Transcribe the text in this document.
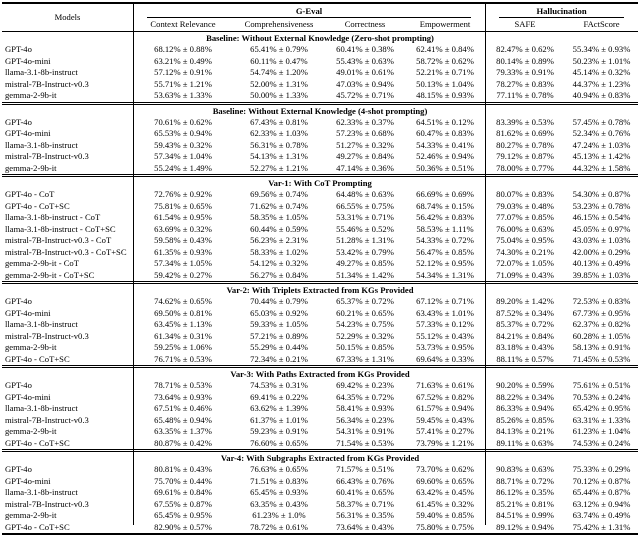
Models	G-Eval				Hallucination	
	Context Relevance	Comprehensiveness	Correctness	Empowerment	SAFE	FActScore
Baseline: Without External Knowledge (Zero-shot prompting)						
GPT-4o	68.12% ± 0.88%	65.41% ± 0.79%	60.41% ± 0.38%	62.41% ± 0.84%	82.47% ± 0.62%	55.34% ± 0.93%
GPT-4o-mini	63.21% ± 0.49%	60.11% ± 0.47%	55.43% ± 0.63%	58.72% ± 0.62%	80.14% ± 0.89%	50.23% ± 1.01%
llama-3.1-8b-instruct	57.12% ± 0.91%	54.74% ± 1.20%	49.01% ± 0.61%	52.21% ± 0.71%	79.33% ± 0.91%	45.14% ± 0.32%
mistral-7B-Instruct-v0.3	55.71% ± 1.21%	52.00% ± 1.31%	47.03% ± 0.94%	50.13% ± 1.04%	78.27% ± 0.83%	44.37% ± 1.23%
gemma-2-9b-it	53.63% ± 1.33%	50.00% ± 1.33%	45.72% ± 0.71%	48.15% ± 0.93%	77.11% ± 0.78%	40.94% ± 0.83%
Baseline: Without External Knowledge (4-shot prompting)						
GPT-4o	70.61% ± 0.62%	67.43% ± 0.81%	62.33% ± 0.37%	64.51% ± 0.12%	83.39% ± 0.53%	57.45% ± 0.78%
GPT-4o-mini	65.53% ± 0.94%	62.33% ± 1.03%	57.23% ± 0.68%	60.47% ± 0.83%	81.62% ± 0.69%	52.34% ± 0.76%
llama-3.1-8b-instruct	59.43% ± 0.32%	56.31% ± 0.78%	51.27% ± 0.32%	54.33% ± 0.41%	80.27% ± 0.78%	47.24% ± 1.03%
mistral-7B-Instruct-v0.3	57.34% ± 1.04%	54.13% ± 1.31%	49.27% ± 0.84%	52.46% ± 0.94%	79.12% ± 0.87%	45.13% ± 1.42%
gemma-2-9b-it	55.24% ± 1.49%	52.27% ± 1.21%	47.14% ± 0.36%	50.36% ± 0.51%	78.00% ± 0.77%	44.32% ± 1.58%
Var-1: With CoT Prompting						
GPT-4o - CoT	72.76% ± 0.92%	69.56% ± 0.74%	64.48% ± 0.63%	66.69% ± 0.69%	80.07% ± 0.83%	54.30% ± 0.87%
GPT-4o - CoT+SC	75.81% ± 0.65%	71.62% ± 0.74%	66.55% ± 0.75%	68.74% ± 0.15%	79.03% ± 0.48%	53.23% ± 0.78%
llama-3.1-8b-instruct - CoT	61.54% ± 0.95%	58.35% ± 1.05%	53.31% ± 0.71%	56.42% ± 0.83%	77.07% ± 0.85%	46.15% ± 0.54%
llama-3.1-8b-instruct - CoT+SC	63.69% ± 0.32%	60.44% ± 0.59%	55.46% ± 0.52%	58.53% ± 1.11%	76.00% ± 0.63%	45.05% ± 0.97%
mistral-7B-Instruct-v0.3 - CoT	59.58% ± 0.43%	56.23% ± 2.31%	51.28% ± 1.31%	54.33% ± 0.72%	75.04% ± 0.95%	43.03% ± 1.03%
mistral-7B-Instruct-v0.3 - CoT+SC	61.35% ± 0.93%	58.33% ± 1.02%	53.42% ± 0.79%	56.47% ± 0.85%	74.30% ± 0.21%	42.00% ± 0.29%
gemma-2-9b-it - CoT	57.34% ± 1.05%	54.12% ± 0.32%	49.27% ± 0.85%	52.12% ± 0.95%	72.07% ± 1.05%	40.13% ± 0.49%
gemma-2-9b-it - CoT+SC	59.42% ± 0.27%	56.27% ± 0.84%	51.34% ± 1.42%	54.34% ± 1.31%	71.09% ± 0.43%	39.85% ± 1.03%
Var-2: With Triplets Extracted from KGs Provided						
GPT-4o	74.62% ± 0.65%	70.44% ± 0.79%	65.37% ± 0.72%	67.12% ± 0.71%	89.20% ± 1.42%	72.53% ± 0.83%
GPT-4o-mini	69.50% ± 0.81%	65.03% ± 0.92%	60.21% ± 0.65%	63.43% ± 1.01%	87.52% ± 0.34%	67.73% ± 0.95%
llama-3.1-8b-instruct	63.45% ± 1.13%	59.33% ± 1.05%	54.23% ± 0.75%	57.33% ± 0.12%	85.37% ± 0.72%	62.37% ± 0.82%
mistral-7B-Instruct-v0.3	61.34% ± 0.31%	57.21% ± 0.89%	52.29% ± 0.32%	55.12% ± 0.43%	84.21% ± 0.84%	60.28% ± 1.05%
gemma-2-9b-it	59.25% ± 1.06%	55.29% ± 0.44%	50.15% ± 0.85%	53.73% ± 0.95%	83.18% ± 0.43%	58.13% ± 0.91%
GPT-4o - CoT+SC	76.71% ± 0.53%	72.34% ± 0.21%	67.33% ± 1.31%	69.64% ± 0.33%	88.11% ± 0.57%	71.45% ± 0.53%
Var-3: With Paths Extracted from KGs Provided						
GPT-4o	78.71% ± 0.53%	74.53% ± 0.31%	69.42% ± 0.23%	71.63% ± 0.61%	90.20% ± 0.59%	75.61% ± 0.51%
GPT-4o-mini	73.64% ± 0.93%	69.41% ± 0.22%	64.35% ± 0.72%	67.52% ± 0.82%	88.22% ± 0.34%	70.53% ± 0.24%
llama-3.1-8b-instruct	67.51% ± 0.46%	63.62% ± 1.39%	58.41% ± 0.93%	61.57% ± 0.94%	86.33% ± 0.94%	65.42% ± 0.95%
mistral-7B-Instruct-v0.3	65.48% ± 0.94%	61.37% ± 1.01%	56.34% ± 0.23%	59.45% ± 0.43%	85.26% ± 0.85%	63.31% ± 1.33%
gemma-2-9b-it	63.35% ± 1.37%	59.23% ± 0.91%	54.31% ± 0.91%	57.41% ± 0.27%	84.13% ± 0.21%	61.23% ± 1.04%
GPT-4o - CoT+SC	80.87% ± 0.42%	76.60% ± 0.65%	71.54% ± 0.53%	73.79% ± 1.21%	89.11% ± 0.63%	74.53% ± 0.24%
Var-4: With Subgraphs Extracted from KGs Provided						
GPT-4o	80.81% ± 0.43%	76.63% ± 0.65%	71.57% ± 0.51%	73.70% ± 0.62%	90.83% ± 0.63%	75.33% ± 0.29%
GPT-4o-mini	75.70% ± 0.44%	71.51% ± 0.83%	66.43% ± 0.76%	69.60% ± 0.65%	88.71% ± 0.72%	70.12% ± 0.87%
llama-3.1-8b-instruct	69.61% ± 0.84%	65.45% ± 0.93%	60.41% ± 0.65%	63.42% ± 0.45%	86.12% ± 0.35%	65.44% ± 0.87%
mistral-7B-Instruct-v0.3	67.55% ± 0.87%	63.35% ± 0.43%	58.37% ± 0.71%	61.45% ± 0.32%	85.21% ± 0.81%	63.12% ± 0.94%
gemma-2-9b-it	65.45% ± 0.95%	61.23% ± 1.0%	56.31% ± 0.35%	59.40% ± 0.85%	84.51% ± 0.99%	63.74% ± 0.49%
GPT-4o - CoT+SC	82.90% ± 0.57%	78.72% ± 0.61%	73.64% ± 0.43%	75.80% ± 0.75%	89.12% ± 0.94%	75.42% ± 1.31%
